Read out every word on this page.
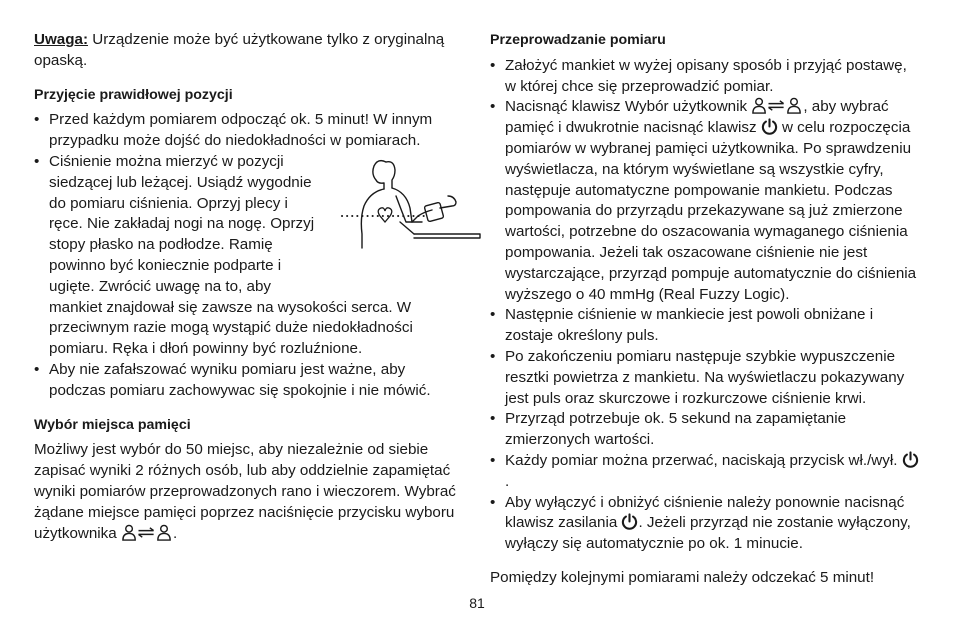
Uwaga: Urządzenie może być użytkowane tylko z oryginalną opaską.

Przyjęcie prawidłowej pozycji
• Przed każdym pomiarem odpocząć ok. 5 minut! W innym przypadku może dojść do niedokładności w pomiarach.
• Ciśnienie można mierzyć w pozycji
siedzącej lub leżącej. Usiądź wygodnie
do pomiaru ciśnienia. Oprzyj plecy i
ręce. Nie zakładaj nogi na nogę. Oprzyj
stopy płasko na podłodze. Ramię
powinno być koniecznie podparte i
ugięte. Zwrócić uwagę na to, aby
mankiet znajdował się zawsze na wysokości serca. W przeciwnym razie mogą wystąpić duże niedokładności pomiaru. Ręka i dłoń powinny być rozluźnione.
• Aby nie zafałszować wyniku pomiaru jest ważne, aby podczas pomiaru zachowywac się spokojnie i nie mówić.
Wybór miejsca pamięci

Możliwy jest wybór do 50 miejsc, aby niezależnie od siebie zapisać wyniki 2 różnych osób, lub aby oddzielnie zapamiętać wyniki pomiarów przeprowadzonych rano i wieczorem. Wybrać żądane miejsce pamięci poprzez naciśnięcie przycisku wyboru użytkownika	.

Przeprowadzanie pomiaru
• Założyć mankiet w wyżej opisany sposób i przyjąć postawę, w której chce się przeprowadzić pomiar.
• Nacisnąć klawisz Wybór użytkownik	, aby wybrać pamięć i dwukrotnie nacisnąć klawisz  w celu rozpoczęcia pomiarów w wybranej pamięci użytkownika. Po sprawdzeniu wyświetlacza, na którym wyświetlane są wszystkie cyfry, następuje automatyczne pompowanie mankietu. Podczas pompowania do przyrządu przekazywane są już zmierzone wartości, potrzebne do oszacowania wymaganego ciśnienia pompowania. Jeżeli tak oszacowane ciśnienie nie jest wystarczające, przyrząd pompuje automatycznie do ciśnienia wyższego o 40 mmHg (Real Fuzzy Logic).
• Następnie ciśnienie w mankiecie jest powoli obniżane i zostaje określony puls.
• Po zakończeniu pomiaru następuje szybkie wypuszczenie resztki powietrza z mankietu. Na wyświetlaczu pokazywany jest puls oraz skurczowe i rozkurczowe ciśnienie krwi.
• Przyrząd potrzebuje ok. 5 sekund na zapamiętanie zmierzonych wartości.
• Każdy pomiar można przerwać, naciskają przycisk wł./wył. .
• Aby wyłączyć i obniżyć ciśnienie należy ponownie nacisnąć klawisz zasilania . Jeżeli przyrząd nie zostanie wyłączony, wyłączy się automatycznie po ok. 1 minucie.

Pomiędzy kolejnymi pomiarami należy odczekać 5 minut!

81
